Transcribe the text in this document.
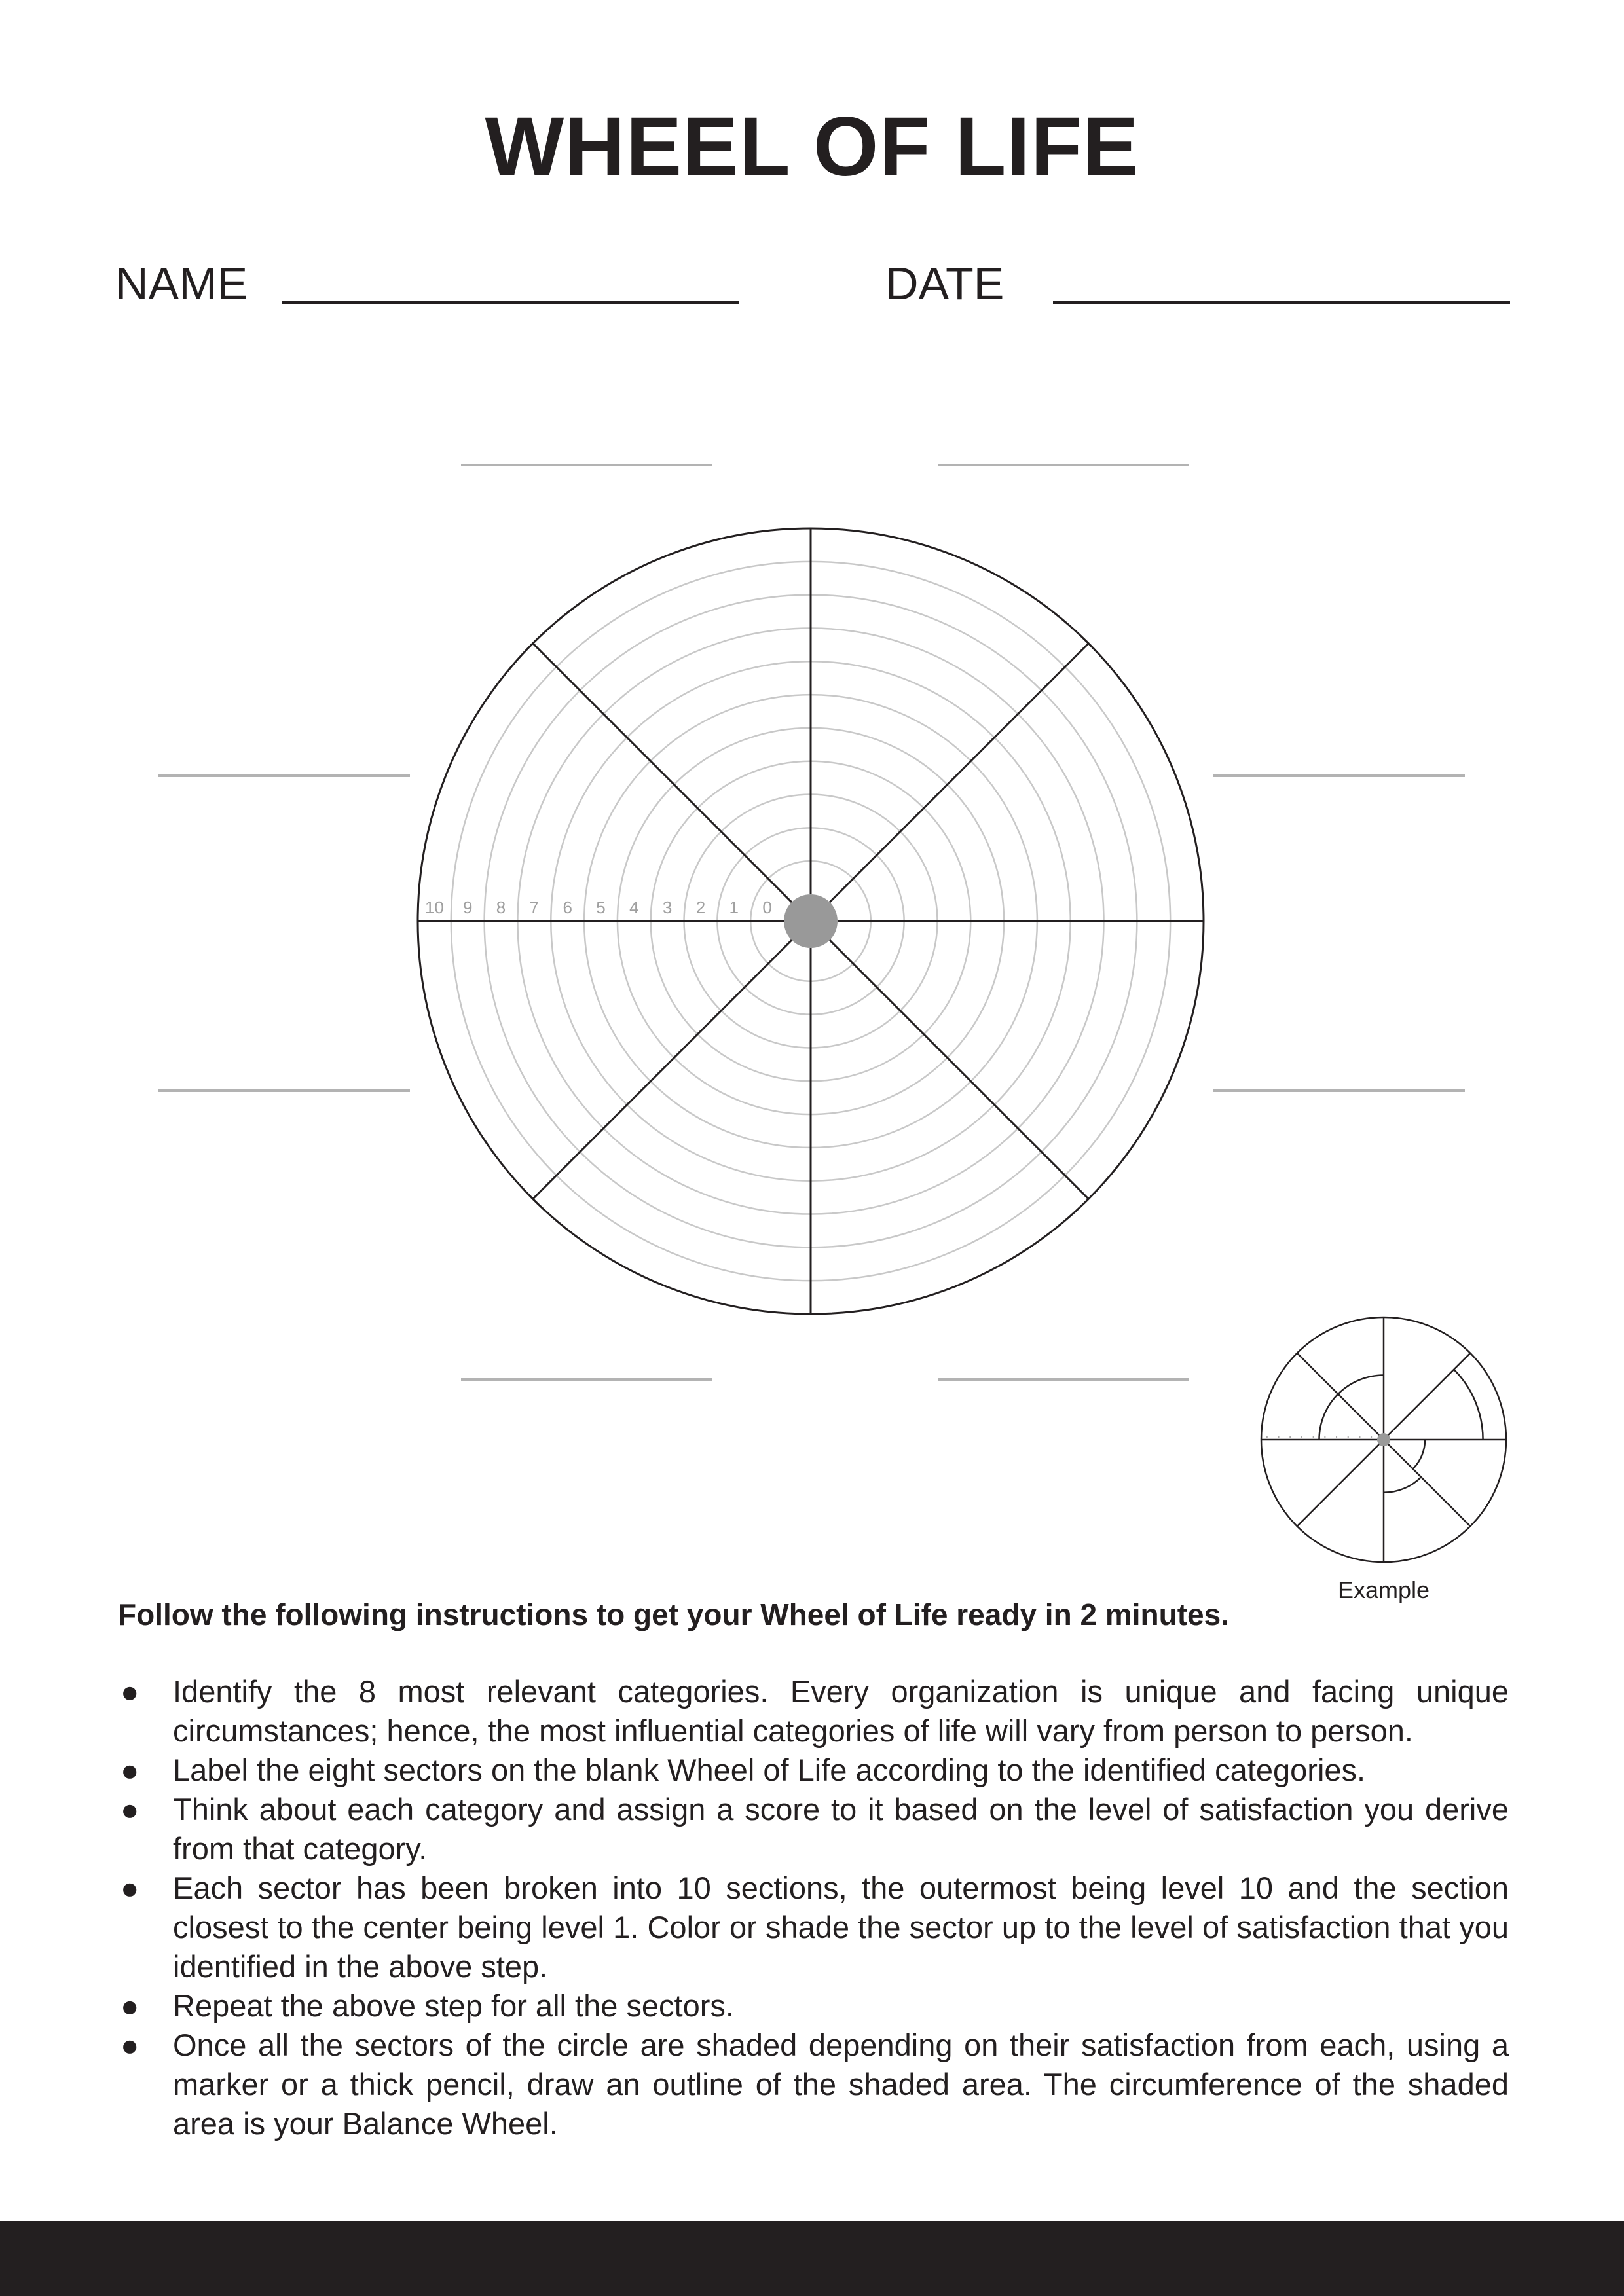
WHEEL OF LIFE
NAME	DATE
10 9 8 7 6 5 4 3 2 1 0
Example

Follow the following instructions to get your Wheel of Life ready in 2 minutes.

● Identify the 8 most relevant categories. Every organization is unique and facing unique circumstances; hence, the most influential categories of life will vary from person to person.
● Label the eight sectors on the blank Wheel of Life according to the identified categories.
● Think about each category and assign a score to it based on the level of satisfaction you derive from that category.
● Each sector has been broken into 10 sections, the outermost being level 10 and the section closest to the center being level 1. Color or shade the sector up to the level of satisfaction that you identified in the above step.
● Repeat the above step for all the sectors.
● Once all the sectors of the circle are shaded depending on their satisfaction from each, using a marker or a thick pencil, draw an outline of the shaded area. The circumference of the shaded area is your Balance Wheel.
